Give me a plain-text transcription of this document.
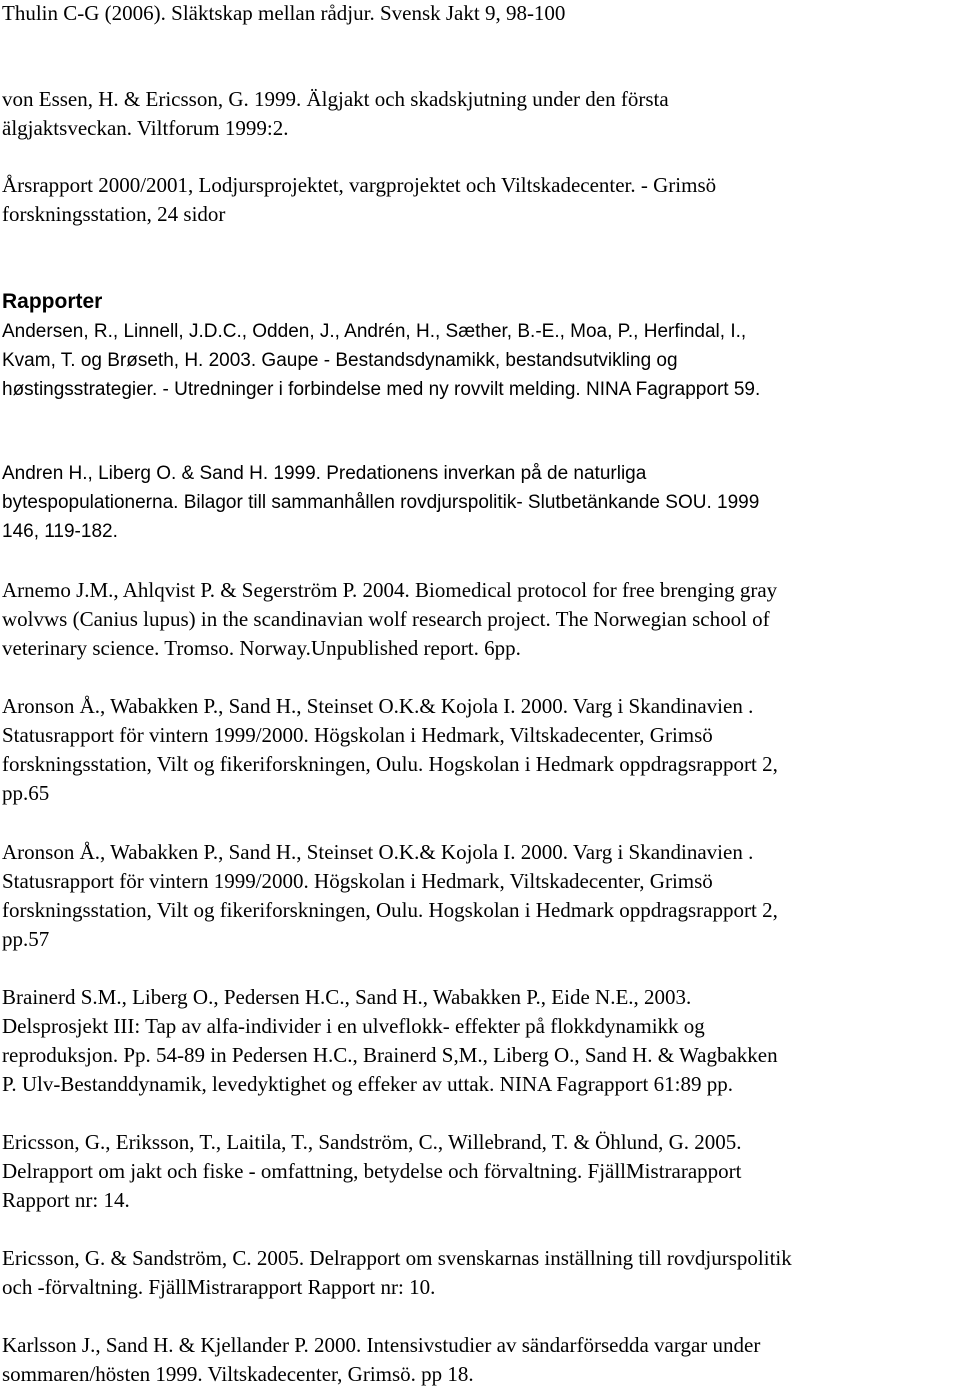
Thulin C-G (2006). Släktskap mellan rådjur. Svensk Jakt 9, 98-100

von Essen, H. & Ericsson, G. 1999. Älgjakt och skadskjutning under den första
älgjaktsveckan. Viltforum 1999:2.

Årsrapport 2000/2001, Lodjursprojektet, vargprojektet och Viltskadecenter. - Grimsö
forskningsstation, 24 sidor

Rapporter

Andersen, R., Linnell, J.D.C., Odden, J., Andrén, H., Sæther, B.-E., Moa, P., Herfindal, I.,
Kvam, T. og Brøseth, H. 2003. Gaupe - Bestandsdynamikk, bestandsutvikling og
høstingsstrategier. - Utredninger i forbindelse med ny rovvilt melding. NINA Fagrapport 59.

Andren H., Liberg O. & Sand H. 1999. Predationens inverkan på de naturliga
bytespopulationerna. Bilagor till sammanhållen rovdjurspolitik- Slutbetänkande SOU. 1999
146, 119-182.

Arnemo J.M., Ahlqvist P. & Segerström P. 2004. Biomedical protocol for free brenging gray
wolvws (Canius lupus) in the scandinavian wolf research project. The Norwegian school of
veterinary science. Tromso. Norway.Unpublished report. 6pp.

Aronson Å., Wabakken P., Sand H., Steinset O.K.& Kojola I. 2000. Varg i Skandinavien .
Statusrapport för vintern 1999/2000. Högskolan i Hedmark, Viltskadecenter, Grimsö
forskningsstation, Vilt og fikeriforskningen, Oulu. Hogskolan i Hedmark oppdragsrapport 2,
pp.65

Aronson Å., Wabakken P., Sand H., Steinset O.K.& Kojola I. 2000. Varg i Skandinavien .
Statusrapport för vintern 1999/2000. Högskolan i Hedmark, Viltskadecenter, Grimsö
forskningsstation, Vilt og fikeriforskningen, Oulu. Hogskolan i Hedmark oppdragsrapport 2,
pp.57

Brainerd S.M., Liberg O., Pedersen H.C., Sand H., Wabakken P., Eide N.E., 2003.
Delsprosjekt III: Tap av alfa-individer i en ulveflokk- effekter på flokkdynamikk og
reproduksjon. Pp. 54-89 in Pedersen H.C., Brainerd S,M., Liberg O., Sand H. & Wagbakken
P. Ulv-Bestanddynamik, levedyktighet og effeker av uttak. NINA Fagrapport 61:89 pp.

Ericsson, G., Eriksson, T., Laitila, T., Sandström, C., Willebrand, T. & Öhlund, G. 2005.
Delrapport om jakt och fiske - omfattning, betydelse och förvaltning. FjällMistrarapport
Rapport nr: 14.

Ericsson, G. & Sandström, C. 2005. Delrapport om svenskarnas inställning till rovdjurspolitik
och -förvaltning. FjällMistrarapport Rapport nr: 10.

Karlsson J., Sand H. & Kjellander P. 2000. Intensivstudier av sändarförsedda vargar under
sommaren/hösten 1999. Viltskadecenter, Grimsö. pp 18.
